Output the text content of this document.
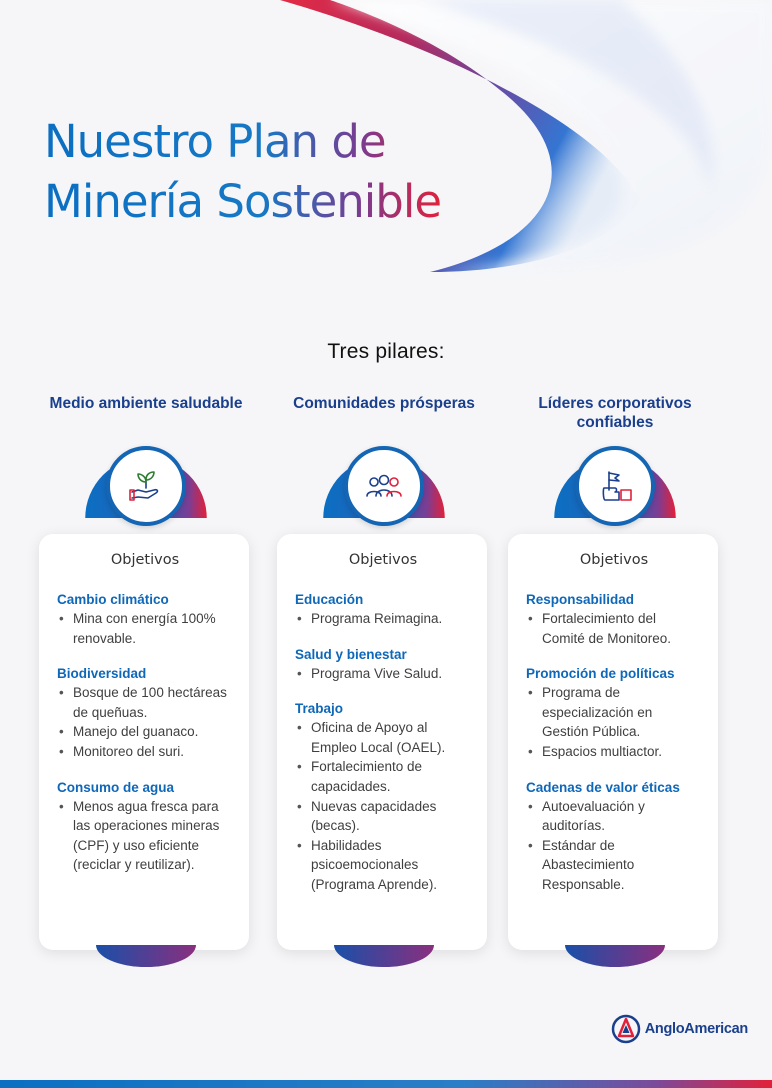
Nuestro Plan de
Minería Sostenible
Tres pilares:
Medio ambiente saludable
Objetivos
Cambio climático
• Mina con energía 100% renovable.
Biodiversidad
• Bosque de 100 hectáreas de queñuas.
• Manejo del guanaco.
• Monitoreo del suri.
Consumo de agua
• Menos agua fresca para las operaciones mineras (CPF) y uso eficiente (reciclar y reutilizar).
Comunidades prósperas
Objetivos
Educación
• Programa Reimagina.
Salud y bienestar
• Programa Vive Salud.
Trabajo
• Oficina de Apoyo al Empleo Local (OAEL).
• Fortalecimiento de capacidades.
• Nuevas capacidades (becas).
• Habilidades psicoemocionales (Programa Aprende).
Líderes corporativos confiables
Objetivos
Responsabilidad
• Fortalecimiento del Comité de Monitoreo.
Promoción de políticas
• Programa de especialización en Gestión Pública.
• Espacios multiactor.
Cadenas de valor éticas
• Autoevaluación y auditorías.
• Estándar de Abastecimiento Responsable.
AngloAmerican
